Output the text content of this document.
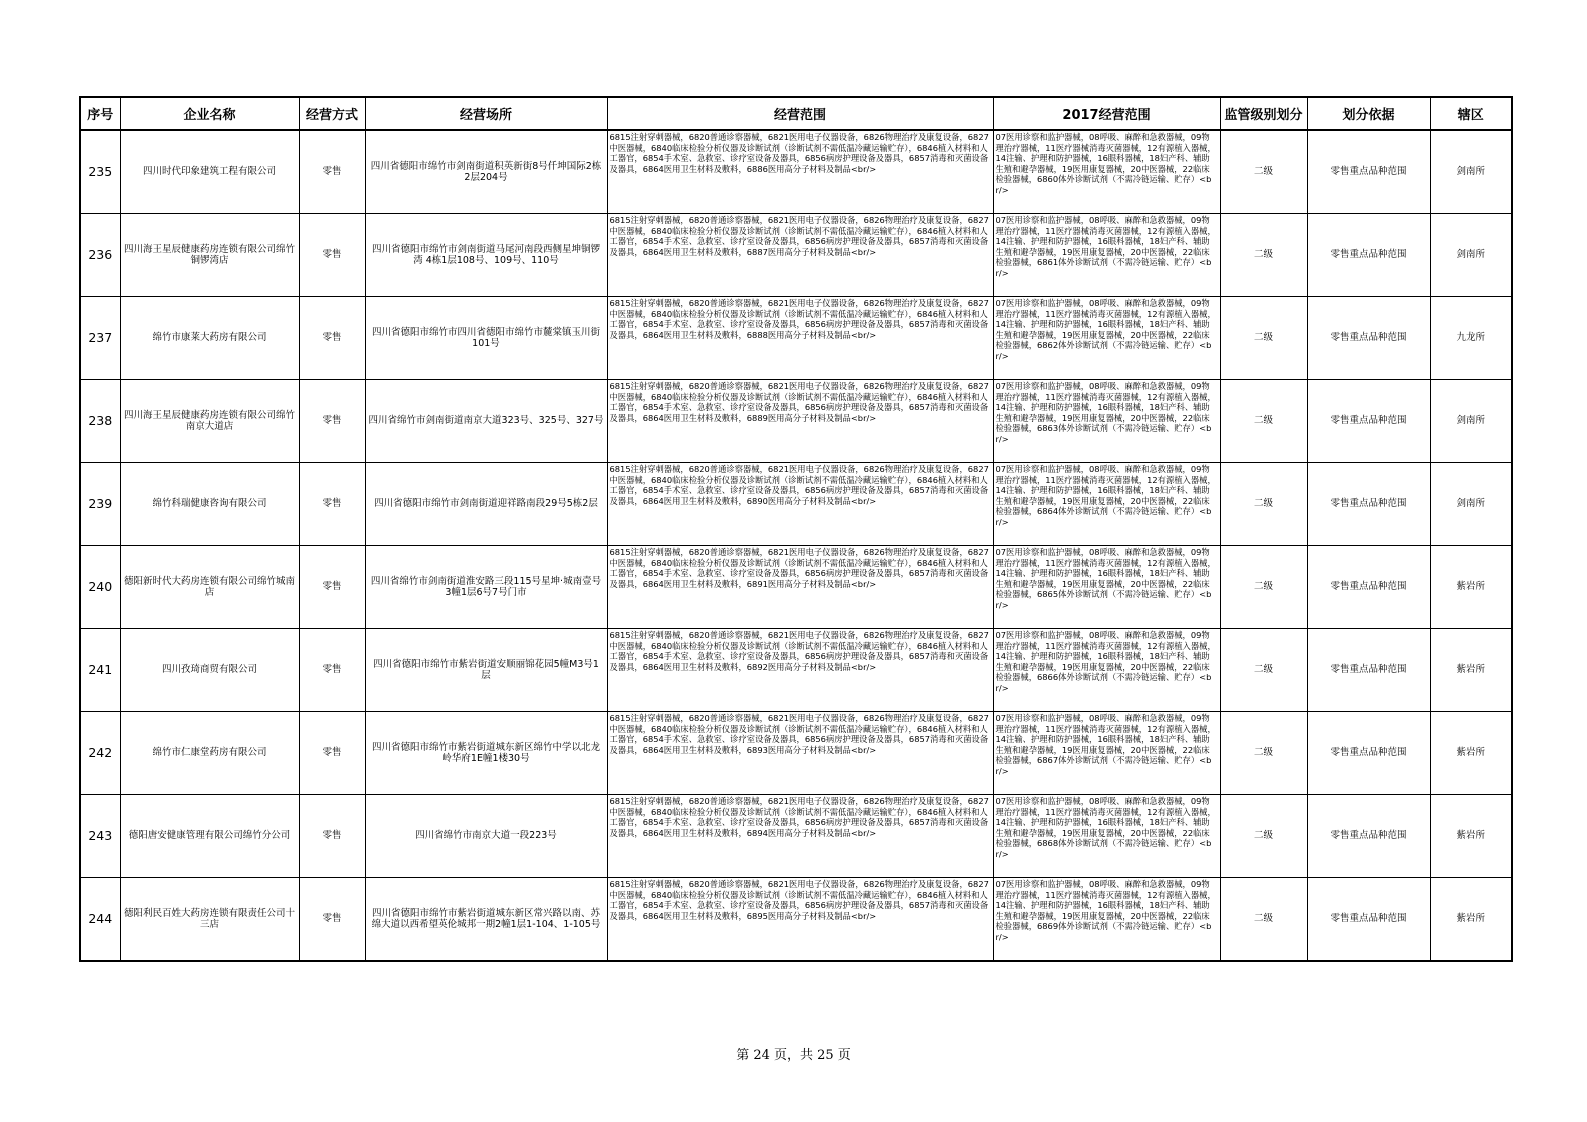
序号	企业名称	经营方式	经营场所	经营范围	2017经营范围	监管级别划分	划分依据	辖区
235	四川时代印象建筑工程有限公司	零售	四川省德阳市绵竹市剑南街道积英新街8号仟坤国际2栋2层204号	6815注射穿刺器械，6820普通诊察器械，6821医用电子仪器设备，6826物理治疗及康复设备，6827中医器械，6840临床检验分析仪器及诊断试剂（诊断试剂不需低温冷藏运输贮存），6846植入材料和人工器官，6854手术室、急救室、诊疗室设备及器具，6856病房护理设备及器具，6857消毒和灭菌设备及器具，6864医用卫生材料及敷料，6886医用高分子材料及制品<br/>	07医用诊察和监护器械，08呼吸、麻醉和急救器械，09物理治疗器械，11医疗器械消毒灭菌器械，12有源植入器械，14注输、护理和防护器械，16眼科器械，18妇产科、辅助生殖和避孕器械，19医用康复器械，20中医器械，22临床检验器械，6860体外诊断试剂（不需冷链运输、贮存）<br/>	二级	零售重点品种范围	剑南所
236	四川海王星辰健康药房连锁有限公司绵竹铜锣湾店	零售	四川省德阳市绵竹市剑南街道马尾河南段西侧星坤铜锣湾 4栋1层108号、109号、110号	6815注射穿刺器械，6820普通诊察器械，6821医用电子仪器设备，6826物理治疗及康复设备，6827中医器械，6840临床检验分析仪器及诊断试剂（诊断试剂不需低温冷藏运输贮存），6846植入材料和人工器官，6854手术室、急救室、诊疗室设备及器具，6856病房护理设备及器具，6857消毒和灭菌设备及器具，6864医用卫生材料及敷料，6887医用高分子材料及制品<br/>	07医用诊察和监护器械，08呼吸、麻醉和急救器械，09物理治疗器械，11医疗器械消毒灭菌器械，12有源植入器械，14注输、护理和防护器械，16眼科器械，18妇产科、辅助生殖和避孕器械，19医用康复器械，20中医器械，22临床检验器械，6861体外诊断试剂（不需冷链运输、贮存）<br/>	二级	零售重点品种范围	剑南所
237	绵竹市康莱大药房有限公司	零售	四川省德阳市绵竹市四川省德阳市绵竹市麓棠镇玉川街101号	6815注射穿刺器械，6820普通诊察器械，6821医用电子仪器设备，6826物理治疗及康复设备，6827中医器械，6840临床检验分析仪器及诊断试剂（诊断试剂不需低温冷藏运输贮存），6846植入材料和人工器官，6854手术室、急救室、诊疗室设备及器具，6856病房护理设备及器具，6857消毒和灭菌设备及器具，6864医用卫生材料及敷料，6888医用高分子材料及制品<br/>	07医用诊察和监护器械，08呼吸、麻醉和急救器械，09物理治疗器械，11医疗器械消毒灭菌器械，12有源植入器械，14注输、护理和防护器械，16眼科器械，18妇产科、辅助生殖和避孕器械，19医用康复器械，20中医器械，22临床检验器械，6862体外诊断试剂（不需冷链运输、贮存）<br/>	二级	零售重点品种范围	九龙所
238	四川海王星辰健康药房连锁有限公司绵竹南京大道店	零售	四川省绵竹市剑南街道南京大道323号、325号、327号	6815注射穿刺器械，6820普通诊察器械，6821医用电子仪器设备，6826物理治疗及康复设备，6827中医器械，6840临床检验分析仪器及诊断试剂（诊断试剂不需低温冷藏运输贮存），6846植入材料和人工器官，6854手术室、急救室、诊疗室设备及器具，6856病房护理设备及器具，6857消毒和灭菌设备及器具，6864医用卫生材料及敷料，6889医用高分子材料及制品<br/>	07医用诊察和监护器械，08呼吸、麻醉和急救器械，09物理治疗器械，11医疗器械消毒灭菌器械，12有源植入器械，14注输、护理和防护器械，16眼科器械，18妇产科、辅助生殖和避孕器械，19医用康复器械，20中医器械，22临床检验器械，6863体外诊断试剂（不需冷链运输、贮存）<br/>	二级	零售重点品种范围	剑南所
239	绵竹科瑞健康咨询有限公司	零售	四川省德阳市绵竹市剑南街道迎祥路南段29号5栋2层	6815注射穿刺器械，6820普通诊察器械，6821医用电子仪器设备，6826物理治疗及康复设备，6827中医器械，6840临床检验分析仪器及诊断试剂（诊断试剂不需低温冷藏运输贮存），6846植入材料和人工器官，6854手术室、急救室、诊疗室设备及器具，6856病房护理设备及器具，6857消毒和灭菌设备及器具，6864医用卫生材料及敷料，6890医用高分子材料及制品<br/>	07医用诊察和监护器械，08呼吸、麻醉和急救器械，09物理治疗器械，11医疗器械消毒灭菌器械，12有源植入器械，14注输、护理和防护器械，16眼科器械，18妇产科、辅助生殖和避孕器械，19医用康复器械，20中医器械，22临床检验器械，6864体外诊断试剂（不需冷链运输、贮存）<br/>	二级	零售重点品种范围	剑南所
240	德阳新时代大药房连锁有限公司绵竹城南店	零售	四川省绵竹市剑南街道淮安路三段115号星坤·城南壹号3幢1层6号7号门市	6815注射穿刺器械，6820普通诊察器械，6821医用电子仪器设备，6826物理治疗及康复设备，6827中医器械，6840临床检验分析仪器及诊断试剂（诊断试剂不需低温冷藏运输贮存），6846植入材料和人工器官，6854手术室、急救室、诊疗室设备及器具，6856病房护理设备及器具，6857消毒和灭菌设备及器具，6864医用卫生材料及敷料，6891医用高分子材料及制品<br/>	07医用诊察和监护器械，08呼吸、麻醉和急救器械，09物理治疗器械，11医疗器械消毒灭菌器械，12有源植入器械，14注输、护理和防护器械，16眼科器械，18妇产科、辅助生殖和避孕器械，19医用康复器械，20中医器械，22临床检验器械，6865体外诊断试剂（不需冷链运输、贮存）<br/>	二级	零售重点品种范围	紫岩所
241	四川孜琦商贸有限公司	零售	四川省德阳市绵竹市紫岩街道安顺丽锦花园5幢M3号1层	6815注射穿刺器械，6820普通诊察器械，6821医用电子仪器设备，6826物理治疗及康复设备，6827中医器械，6840临床检验分析仪器及诊断试剂（诊断试剂不需低温冷藏运输贮存），6846植入材料和人工器官，6854手术室、急救室、诊疗室设备及器具，6856病房护理设备及器具，6857消毒和灭菌设备及器具，6864医用卫生材料及敷料，6892医用高分子材料及制品<br/>	07医用诊察和监护器械，08呼吸、麻醉和急救器械，09物理治疗器械，11医疗器械消毒灭菌器械，12有源植入器械，14注输、护理和防护器械，16眼科器械，18妇产科、辅助生殖和避孕器械，19医用康复器械，20中医器械，22临床检验器械，6866体外诊断试剂（不需冷链运输、贮存）<br/>	二级	零售重点品种范围	紫岩所
242	绵竹市仁康堂药房有限公司	零售	四川省德阳市绵竹市紫岩街道城东新区绵竹中学以北龙岭华府1E幢1楼30号	6815注射穿刺器械，6820普通诊察器械，6821医用电子仪器设备，6826物理治疗及康复设备，6827中医器械，6840临床检验分析仪器及诊断试剂（诊断试剂不需低温冷藏运输贮存），6846植入材料和人工器官，6854手术室、急救室、诊疗室设备及器具，6856病房护理设备及器具，6857消毒和灭菌设备及器具，6864医用卫生材料及敷料，6893医用高分子材料及制品<br/>	07医用诊察和监护器械，08呼吸、麻醉和急救器械，09物理治疗器械，11医疗器械消毒灭菌器械，12有源植入器械，14注输、护理和防护器械，16眼科器械，18妇产科、辅助生殖和避孕器械，19医用康复器械，20中医器械，22临床检验器械，6867体外诊断试剂（不需冷链运输、贮存）<br/>	二级	零售重点品种范围	紫岩所
243	德阳唐安健康管理有限公司绵竹分公司	零售	四川省绵竹市南京大道一段223号	6815注射穿刺器械，6820普通诊察器械，6821医用电子仪器设备，6826物理治疗及康复设备，6827中医器械，6840临床检验分析仪器及诊断试剂（诊断试剂不需低温冷藏运输贮存），6846植入材料和人工器官，6854手术室、急救室、诊疗室设备及器具，6856病房护理设备及器具，6857消毒和灭菌设备及器具，6864医用卫生材料及敷料，6894医用高分子材料及制品<br/>	07医用诊察和监护器械，08呼吸、麻醉和急救器械，09物理治疗器械，11医疗器械消毒灭菌器械，12有源植入器械，14注输、护理和防护器械，16眼科器械，18妇产科、辅助生殖和避孕器械，19医用康复器械，20中医器械，22临床检验器械，6868体外诊断试剂（不需冷链运输、贮存）<br/>	二级	零售重点品种范围	紫岩所
244	德阳利民百姓大药房连锁有限责任公司十三店	零售	四川省德阳市绵竹市紫岩街道城东新区常兴路以南、苏绵大道以西希望英伦城邦一期2幢1层1-104、1-105号	6815注射穿刺器械，6820普通诊察器械，6821医用电子仪器设备，6826物理治疗及康复设备，6827中医器械，6840临床检验分析仪器及诊断试剂（诊断试剂不需低温冷藏运输贮存），6846植入材料和人工器官，6854手术室、急救室、诊疗室设备及器具，6856病房护理设备及器具，6857消毒和灭菌设备及器具，6864医用卫生材料及敷料，6895医用高分子材料及制品<br/>	07医用诊察和监护器械，08呼吸、麻醉和急救器械，09物理治疗器械，11医疗器械消毒灭菌器械，12有源植入器械，14注输、护理和防护器械，16眼科器械，18妇产科、辅助生殖和避孕器械，19医用康复器械，20中医器械，22临床检验器械，6869体外诊断试剂（不需冷链运输、贮存）<br/>	二级	零售重点品种范围	紫岩所
第 24 页，共 25 页
